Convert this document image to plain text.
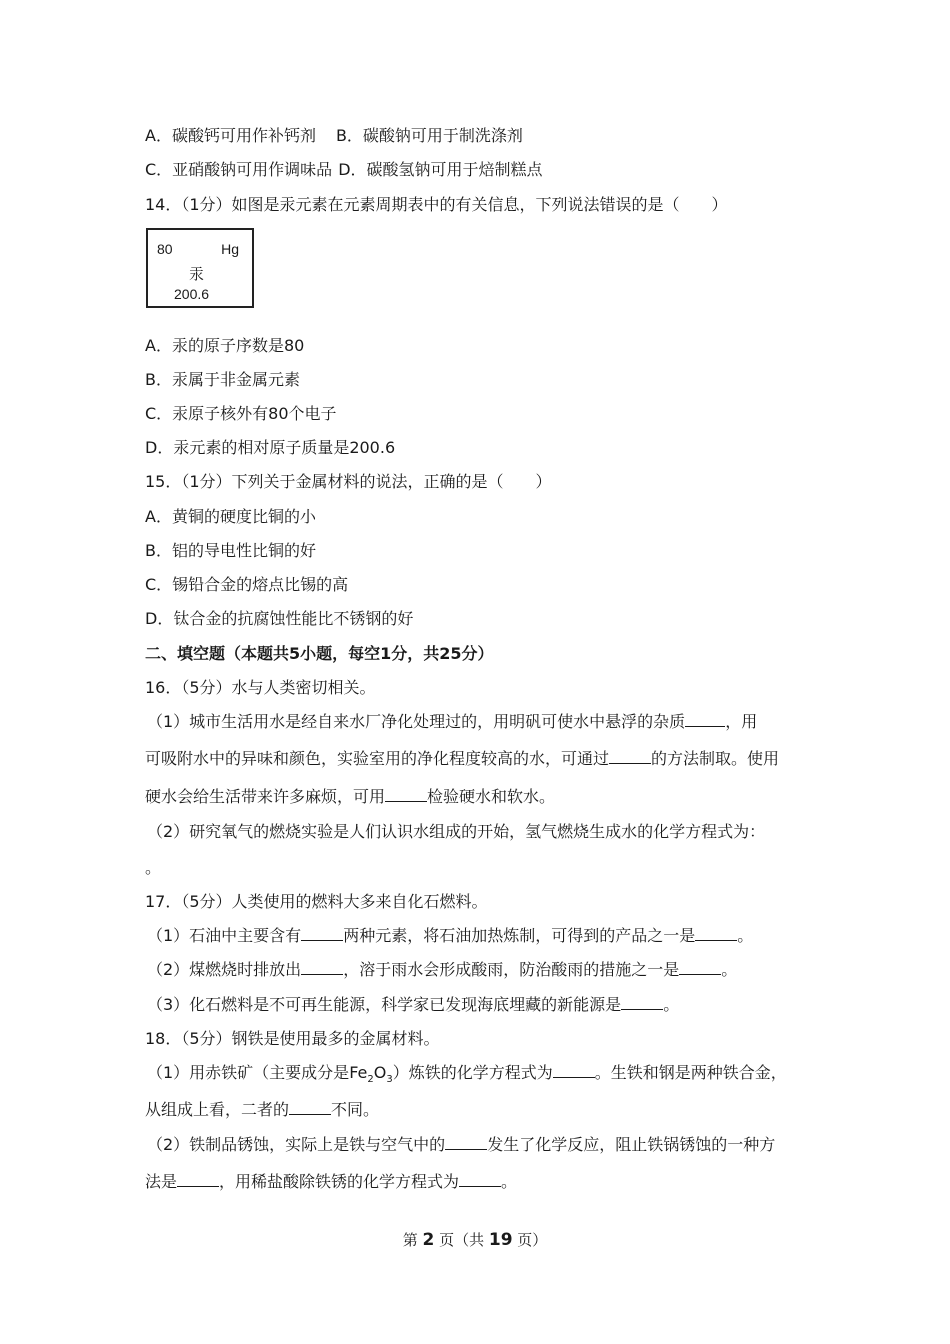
A．碳酸钙可用作补钙剂 B．碳酸钠可用于制洗涤剂
C．亚硝酸钠可用作调味品 D．碳酸氢钠可用于焙制糕点
14．（1分）如图是汞元素在元素周期表中的有关信息，下列说法错误的是（　　）
80	Hg
汞
200.6
A．汞的原子序数是80
B．汞属于非金属元素
C．汞原子核外有80个电子
D．汞元素的相对原子质量是200.6
15．（1分）下列关于金属材料的说法，正确的是（　　）
A．黄铜的硬度比铜的小
B．铝的导电性比铜的好
C．锡铅合金的熔点比锡的高
D．钛合金的抗腐蚀性能比不锈钢的好
二、填空题（本题共5小题，每空1分，共25分）
16．（5分）水与人类密切相关。
（1）城市生活用水是经自来水厂净化处理过的，用明矾可使水中悬浮的杂质	，用
可吸附水中的异味和颜色，实验室用的净化程度较高的水，可通过	的方法制取。使用
硬水会给生活带来许多麻烦，可用	检验硬水和软水。
（2）研究氧气的燃烧实验是人们认识水组成的开始，氢气燃烧生成水的化学方程式为：
。
17．（5分）人类使用的燃料大多来自化石燃料。
（1）石油中主要含有	两种元素，将石油加热炼制，可得到的产品之一是	。
（2）煤燃烧时排放出	，溶于雨水会形成酸雨，防治酸雨的措施之一是	。
（3）化石燃料是不可再生能源，科学家已发现海底埋藏的新能源是	。
18．（5分）钢铁是使用最多的金属材料。
（1）用赤铁矿（主要成分是$Fe_2O_3$）炼铁的化学方程式为	。生铁和钢是两种铁合金，
从组成上看，二者的	不同。
（2）铁制品锈蚀，实际上是铁与空气中的	发生了化学反应，阻止铁锅锈蚀的一种方
法是	，用稀盐酸除铁锈的化学方程式为	。
第 2 页（共 19 页）
